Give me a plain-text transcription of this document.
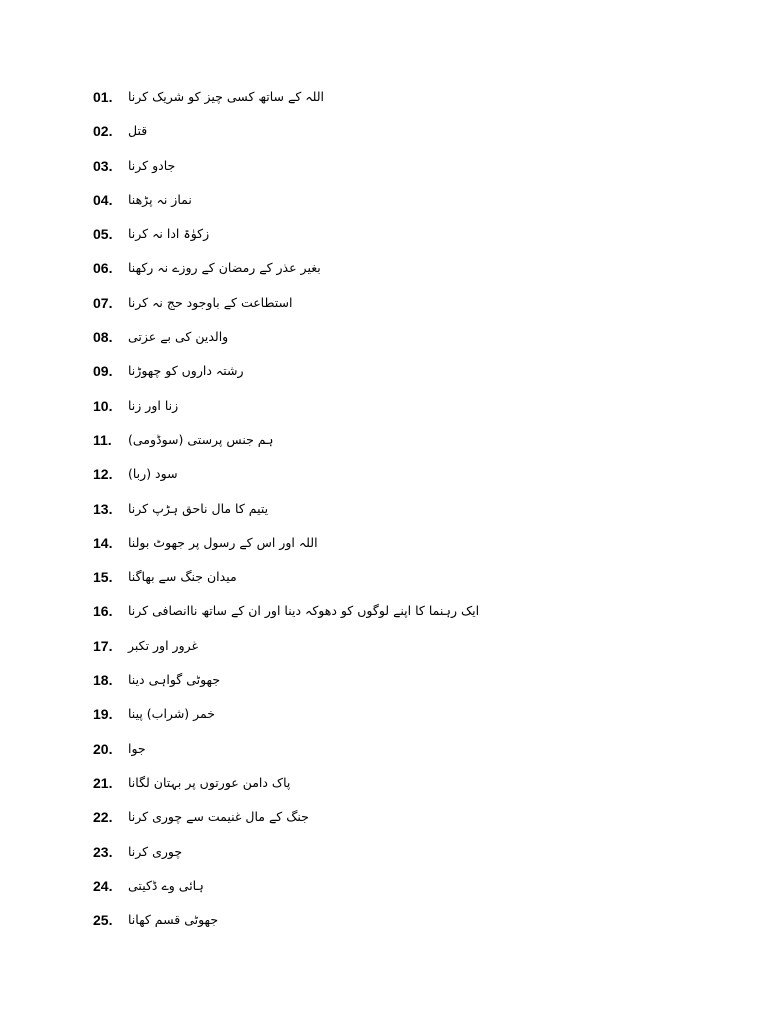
01.	اللہ کے ساتھ کسی چیز کو شریک کرنا
02.	قتل
03.	جادو کرنا
04.	نماز نہ پڑھنا
05.	زکوٰۃ ادا نہ کرنا
06.	بغیر عذر کے رمضان کے روزے نہ رکھنا
07.	استطاعت کے باوجود حج نہ کرنا
08.	والدین کی بے عزتی
09.	رشتہ داروں کو چھوڑنا
10.	زنا اور زنا
11.	ہم جنس پرستی (سوڈومی)
12.	سود (ربا)
13.	یتیم کا مال ناحق ہڑپ کرنا
14.	اللہ اور اس کے رسول پر جھوٹ بولنا
15.	میدان جنگ سے بھاگنا
16.	ایک رہنما کا اپنے لوگوں کو دھوکہ دینا اور ان کے ساتھ ناانصافی کرنا
17.	غرور اور تکبر
18.	جھوٹی گواہی دینا
19.	خمر (شراب) پینا
20.	جوا
21.	پاک دامن عورتوں پر بہتان لگانا
22.	جنگ کے مال غنیمت سے چوری کرنا
23.	چوری کرنا
24.	ہائی وے ڈکیتی
25.	جھوٹی قسم کھانا
